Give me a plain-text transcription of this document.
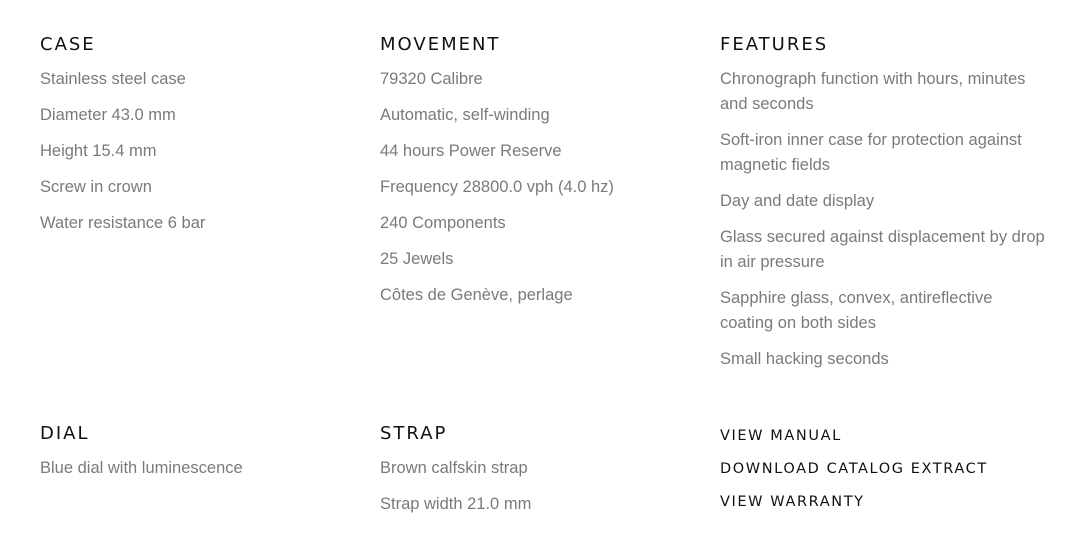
CASE
Stainless steel case
Diameter 43.0 mm
Height 15.4 mm
Screw in crown
Water resistance 6 bar
MOVEMENT
79320 Calibre
Automatic, self-winding
44 hours Power Reserve
Frequency 28800.0 vph (4.0 hz)
240 Components
25 Jewels
Côtes de Genève, perlage
FEATURES
Chronograph function with hours, minutes and seconds
Soft-iron inner case for protection against magnetic fields
Day and date display
Glass secured against displacement by drop in air pressure
Sapphire glass, convex, antireflective coating on both sides
Small hacking seconds
DIAL
Blue dial with luminescence
STRAP
Brown calfskin strap
Strap width 21.0 mm
VIEW MANUAL
DOWNLOAD CATALOG EXTRACT
VIEW WARRANTY
